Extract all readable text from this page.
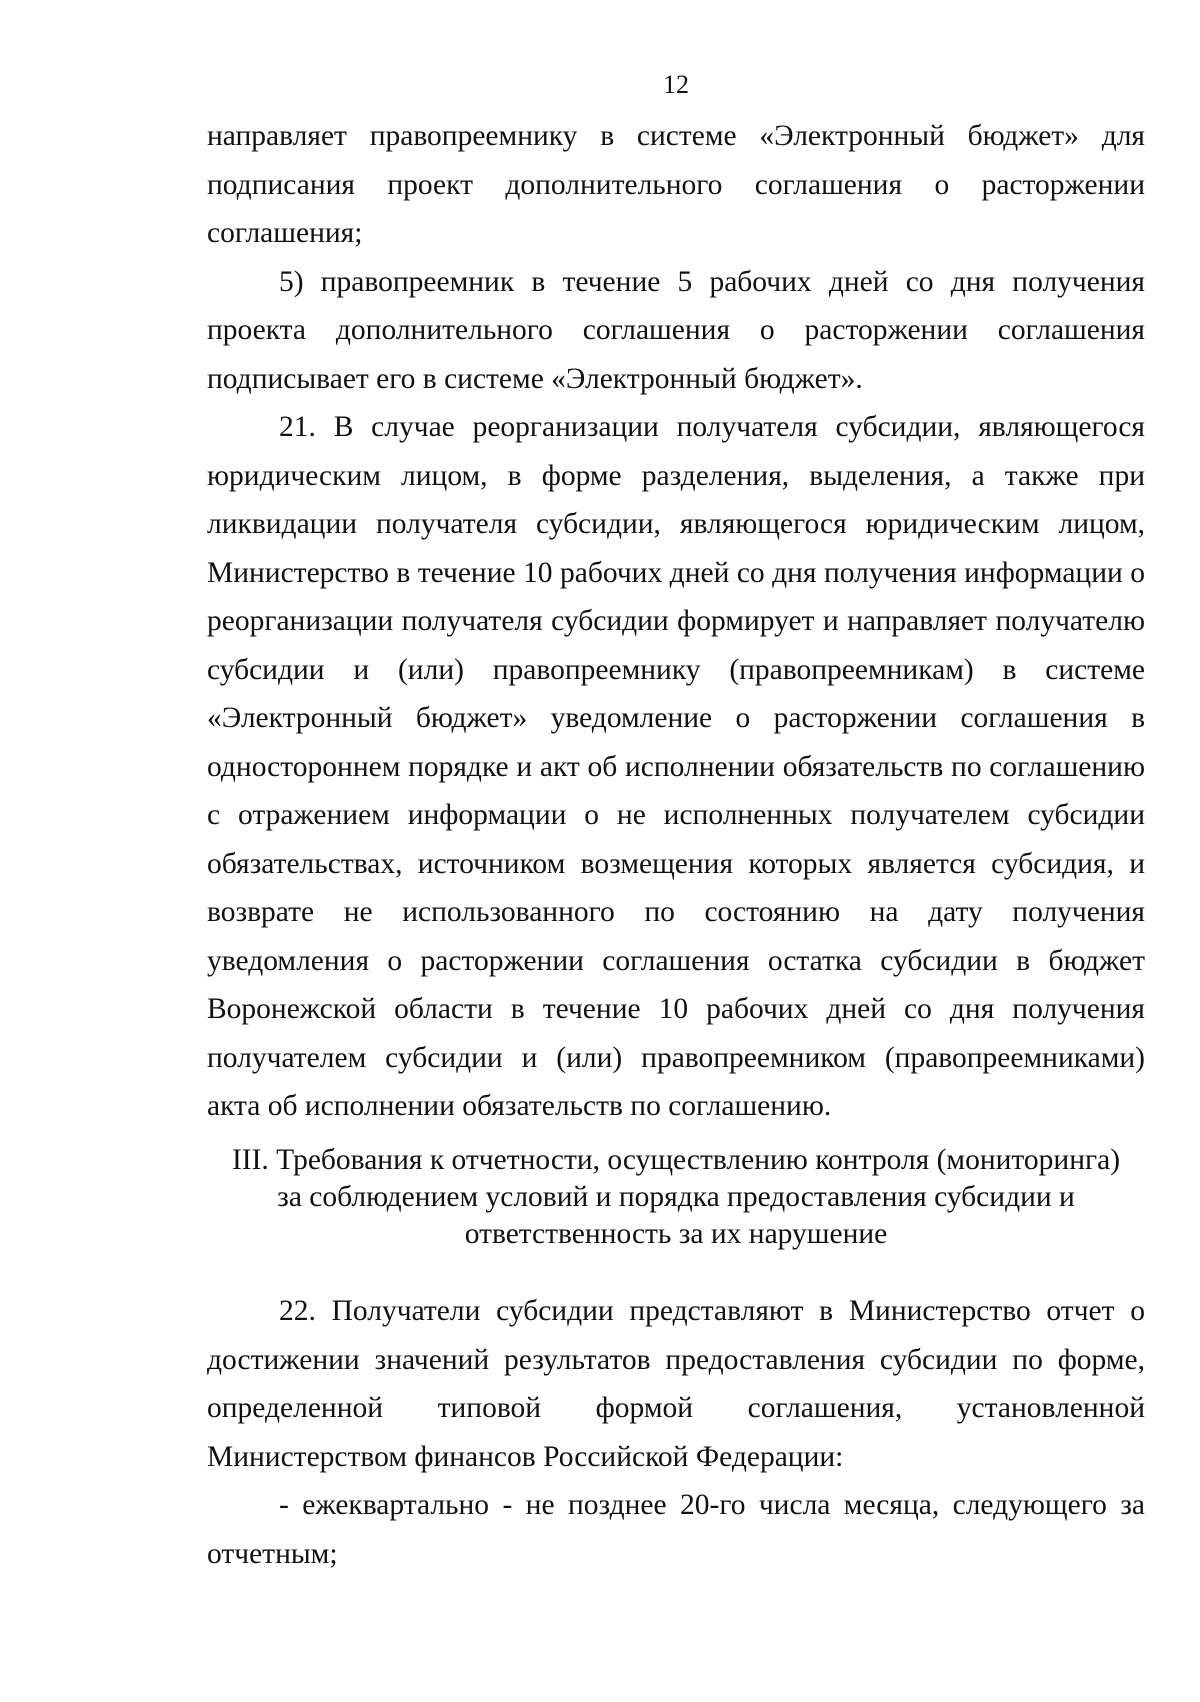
12

направляет правопреемнику в системе «Электронный бюджет» для подписания проект дополнительного соглашения о расторжении соглашения;

5) правопреемник в течение 5 рабочих дней со дня получения проекта дополнительного соглашения о расторжении соглашения подписывает его в системе «Электронный бюджет».

21. В случае реорганизации получателя субсидии, являющегося юридическим лицом, в форме разделения, выделения, а также при ликвидации получателя субсидии, являющегося юридическим лицом, Министерство в течение 10 рабочих дней со дня получения информации о реорганизации получателя субсидии формирует и направляет получателю субсидии и (или) правопреемнику (правопреемникам) в системе «Электронный бюджет» уведомление о расторжении соглашения в одностороннем порядке и акт об исполнении обязательств по соглашению с отражением информации о не исполненных получателем субсидии обязательствах, источником возмещения которых является субсидия, и возврате не использованного по состоянию на дату получения уведомления о расторжении соглашения остатка субсидии в бюджет Воронежской области в течение 10 рабочих дней со дня получения получателем субсидии и (или) правопреемником (правопреемниками) акта об исполнении обязательств по соглашению.

III. Требования к отчетности, осуществлению контроля (мониторинга)
за соблюдением условий и порядка предоставления субсидии и
ответственность за их нарушение

22. Получатели субсидии представляют в Министерство отчет о достижении значений результатов предоставления субсидии по форме, определенной типовой формой соглашения, установленной Министерством финансов Российской Федерации:

- ежеквартально - не позднее 20-го числа месяца, следующего за отчетным;
